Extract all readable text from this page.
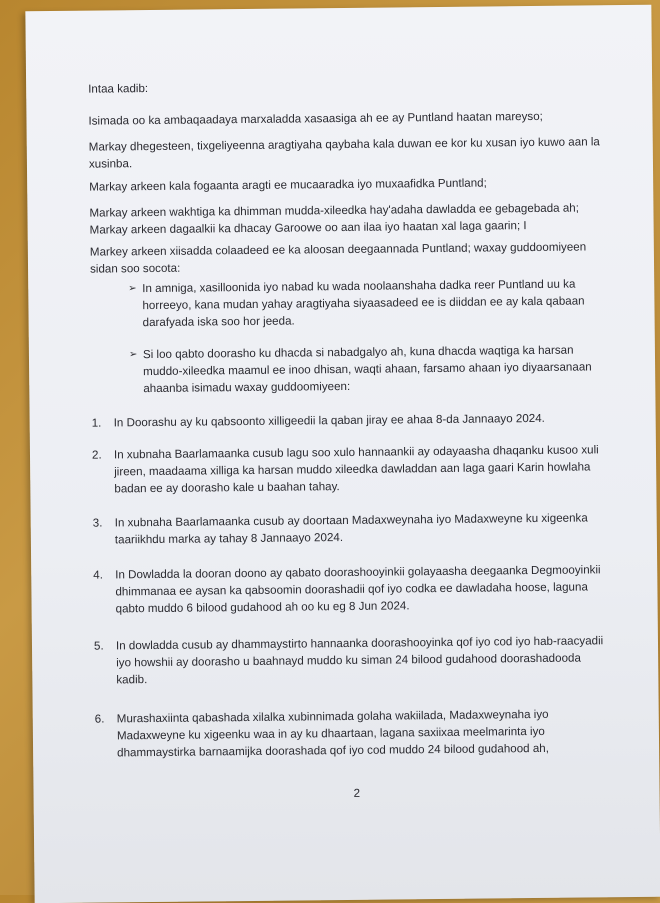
Intaa kadib:

Isimada oo ka ambaqaadaya marxaladda xasaasiga ah ee ay Puntland haatan mareyso;

Markay dhegesteen, tixgeliyeenna aragtiyaha qaybaha kala duwan ee kor ku xusan iyo kuwo aan la xusinba.

Markay arkeen kala fogaanta aragti ee mucaaradka iyo muxaafidka Puntland;

Markay arkeen wakhtiga ka dhimman mudda-xileedka hay'adaha dawladda ee gebagebada ah; Markay arkeen dagaalkii ka dhacay Garoowe oo aan ilaa iyo haatan xal laga gaarin; I

Markey arkeen xiisadda colaadeed ee ka aloosan deegaannada Puntland; waxay guddoomiyeen sidan soo socota:

➢ In amniga, xasilloonida iyo nabad ku wada noolaanshaha dadka reer Puntland uu ka horreeyo, kana mudan yahay aragtiyaha siyaasadeed ee is diiddan ee ay kala qabaan darafyada iska soo hor jeeda.
➢ Si loo qabto doorasho ku dhacda si nabadgalyo ah, kuna dhacda waqtiga ka harsan muddo-xileedka maamul ee inoo dhisan, waqti ahaan, farsamo ahaan iyo diyaarsanaan ahaanba isimadu waxay guddoomiyeen:
1. In Doorashu ay ku qabsoonto xilligeedii la qaban jiray ee ahaa 8-da Jannaayo 2024.
2. In xubnaha Baarlamaanka cusub lagu soo xulo hannaankii ay odayaasha dhaqanku kusoo xuli jireen, maadaama xilliga ka harsan muddo xileedka dawladdan aan laga gaari Karin howlaha badan ee ay doorasho kale u baahan tahay.
3. In xubnaha Baarlamaanka cusub ay doortaan Madaxweynaha iyo Madaxweyne ku xigeenka taariikhdu marka ay tahay 8 Jannaayo 2024.
4. In Dowladda la dooran doono ay qabato doorashooyinkii golayaasha deegaanka Degmooyinkii dhimmanaa ee aysan ka qabsoomin doorashadii qof iyo codka ee dawladaha hoose, laguna qabto muddo 6 bilood gudahood ah oo ku eg 8 Jun 2024.
5. In dowladda cusub ay dhammaystirto hannaanka doorashooyinka qof iyo cod iyo hab-raacyadii iyo howshii ay doorasho u baahnayd muddo ku siman 24 bilood gudahood doorashadooda kadib.
6. Murashaxiinta qabashada xilalka xubinnimada golaha wakiilada, Madaxweynaha iyo Madaxweyne ku xigeenku waa in ay ku dhaartaan, lagana saxiixaa meelmarinta iyo dhammaystirka barnaamijka doorashada qof iyo cod muddo 24 bilood gudahood ah,
2
